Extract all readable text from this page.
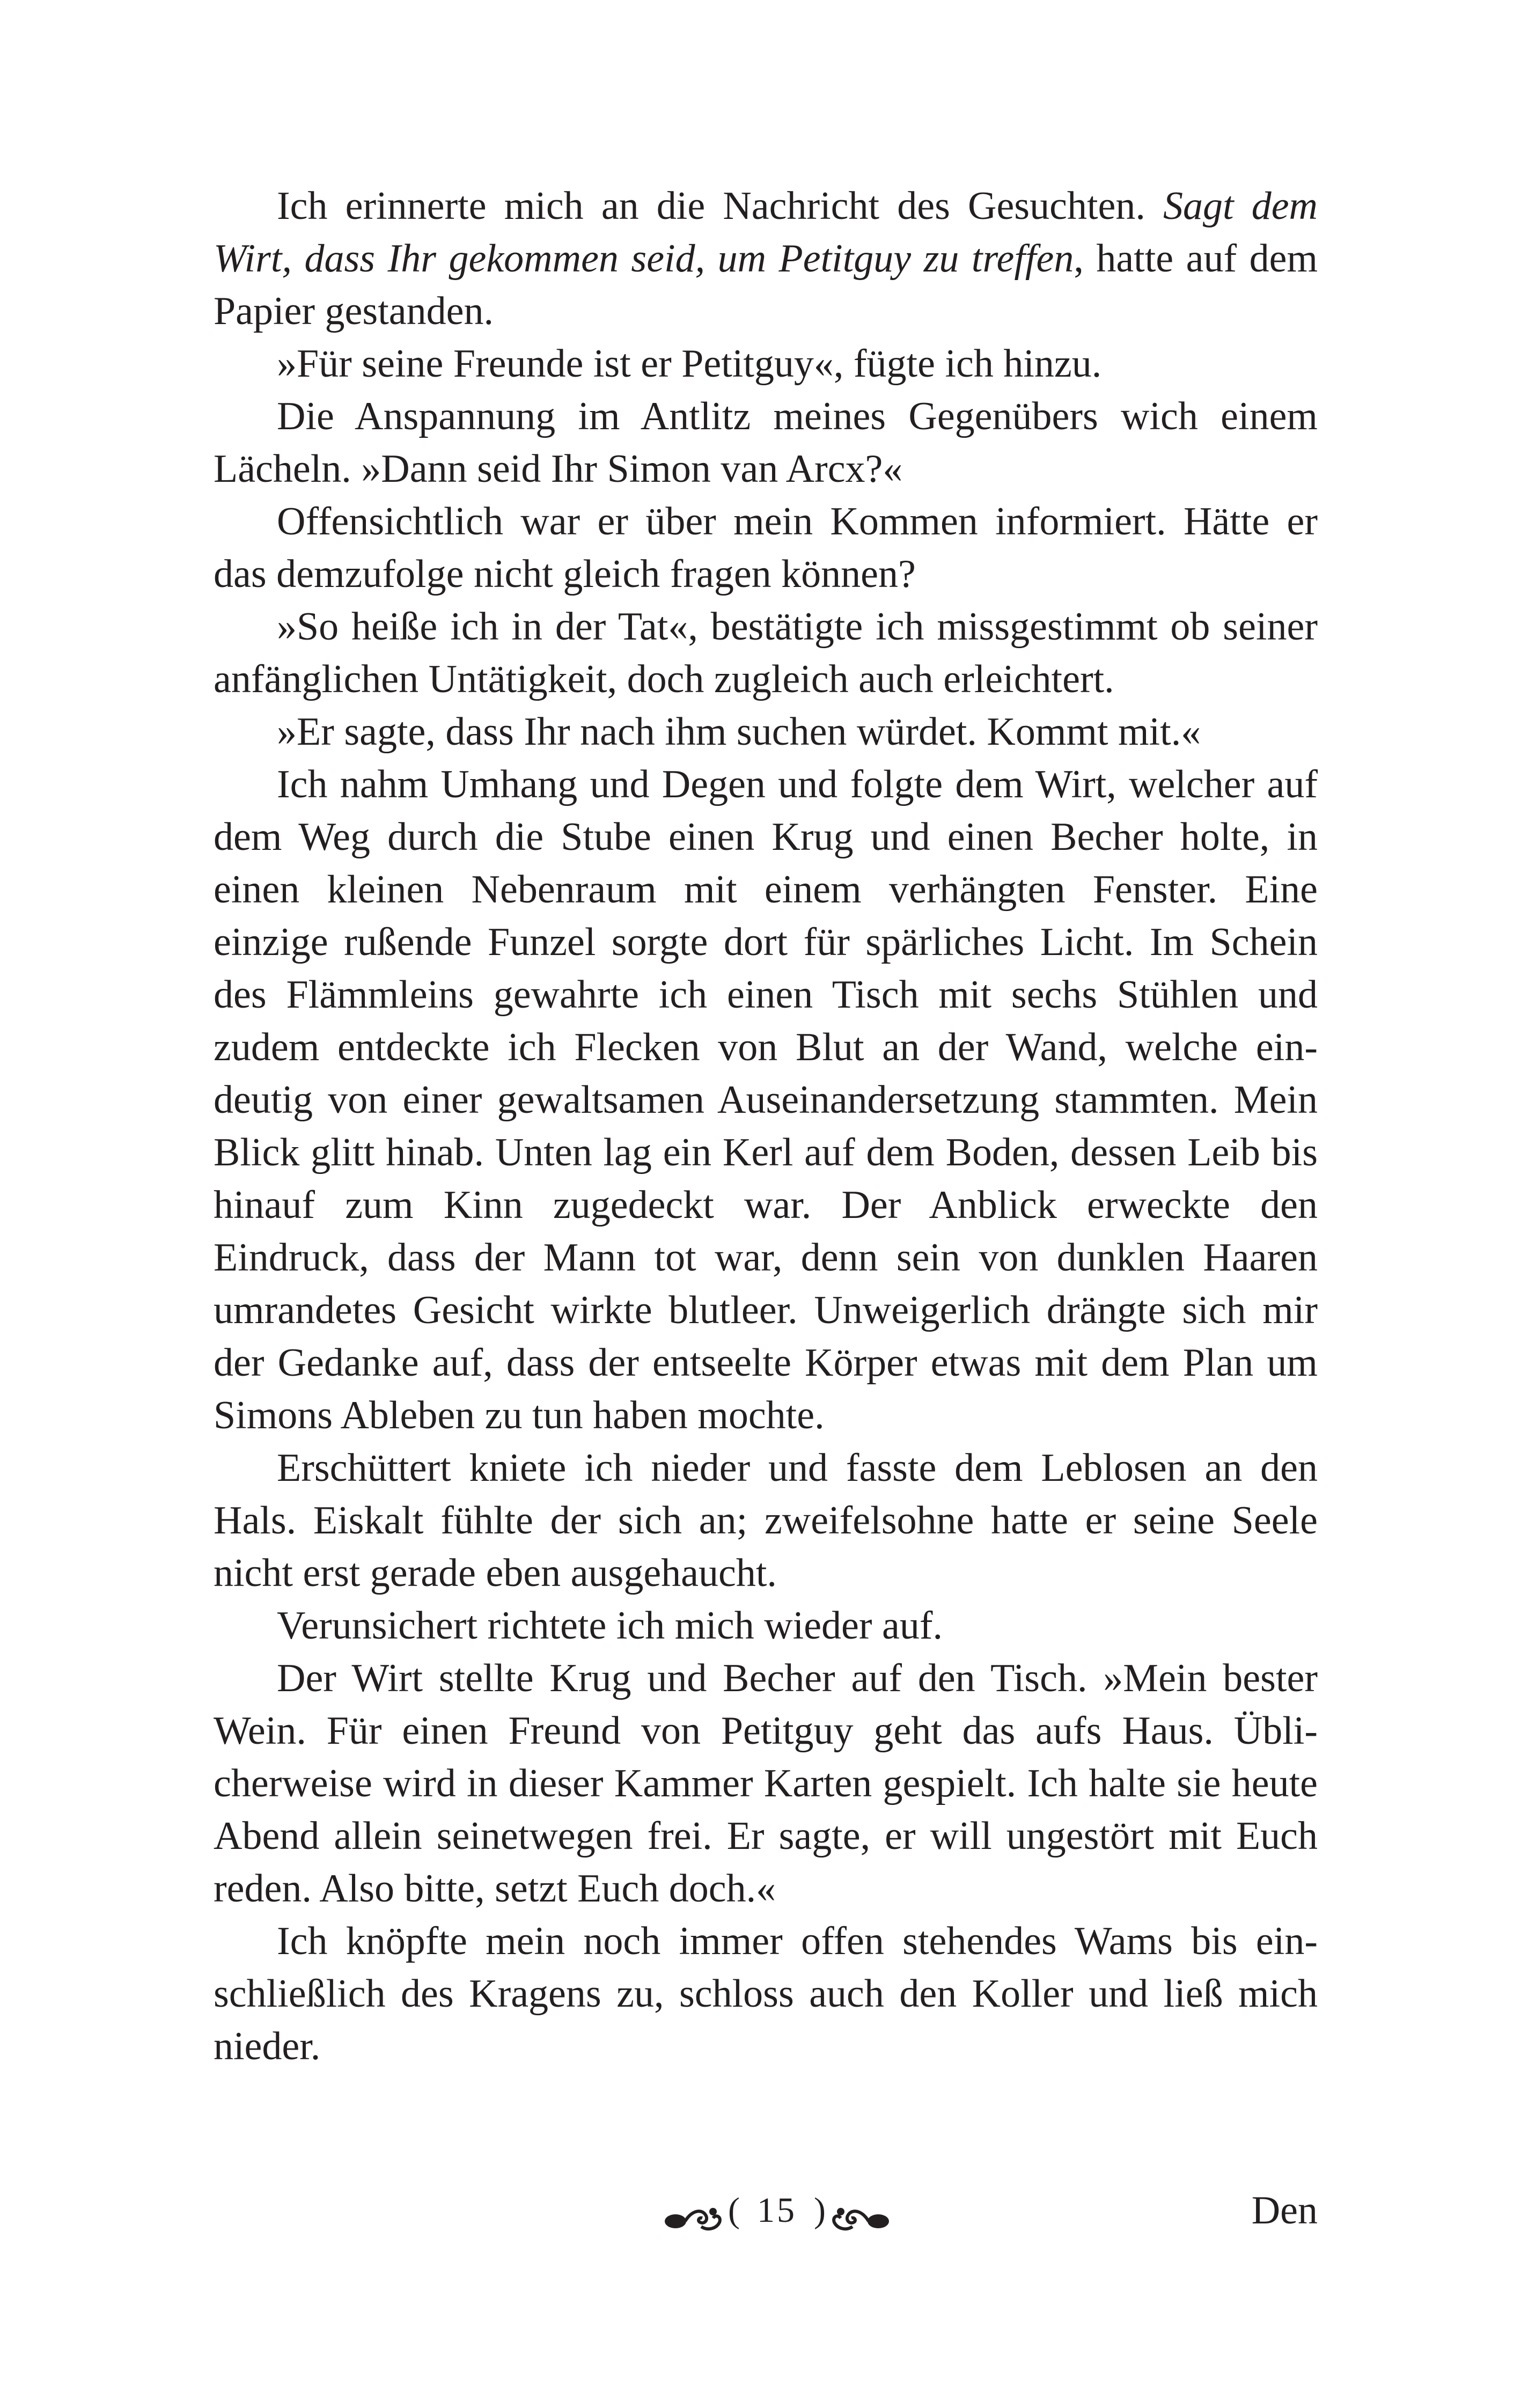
Ich erinnerte mich an die Nachricht des Gesuchten. Sagt dem Wirt, dass Ihr gekommen seid, um Petitguy zu treffen, hatte auf dem Papier gestanden.

»Für seine Freunde ist er Petitguy«, fügte ich hinzu.

Die Anspannung im Antlitz meines Gegenübers wich einem Lächeln. »Dann seid Ihr Simon van Arcx?«

Offensichtlich war er über mein Kommen informiert. Hätte er das demzufolge nicht gleich fragen können?

»So heiße ich in der Tat«, bestätigte ich missgestimmt ob seiner anfänglichen Untätigkeit, doch zugleich auch erleichtert.

»Er sagte, dass Ihr nach ihm suchen würdet. Kommt mit.«

Ich nahm Umhang und Degen und folgte dem Wirt, welcher auf dem Weg durch die Stube einen Krug und einen Becher holte, in einen kleinen Nebenraum mit einem verhängten Fenster. Eine einzige rußende Funzel sorgte dort für spärliches Licht. Im Schein des Flämmleins gewahrte ich einen Tisch mit sechs Stühlen und zudem entdeckte ich Flecken von Blut an der Wand, welche eindeutig von einer gewaltsamen Auseinandersetzung stammten. Mein Blick glitt hinab. Unten lag ein Kerl auf dem Boden, dessen Leib bis hinauf zum Kinn zugedeckt war. Der Anblick erweckte den Eindruck, dass der Mann tot war, denn sein von dunklen Haaren umrandetes Gesicht wirkte blutleer. Unweigerlich drängte sich mir der Gedanke auf, dass der entseelte Körper etwas mit dem Plan um Simons Ableben zu tun haben mochte.

Erschüttert kniete ich nieder und fasste dem Leblosen an den Hals. Eiskalt fühlte der sich an; zweifelsohne hatte er seine Seele nicht erst gerade eben ausgehaucht.

Verunsichert richtete ich mich wieder auf.

Der Wirt stellte Krug und Becher auf den Tisch. »Mein bester Wein. Für einen Freund von Petitguy geht das aufs Haus. Üblicherweise wird in dieser Kammer Karten gespielt. Ich halte sie heute Abend allein seinetwegen frei. Er sagte, er will ungestört mit Euch reden. Also bitte, setzt Euch doch.«

Ich knöpfte mein noch immer offen stehendes Wams bis einschließlich des Kragens zu, schloss auch den Koller und ließ mich nieder.

( 15 )	Den
